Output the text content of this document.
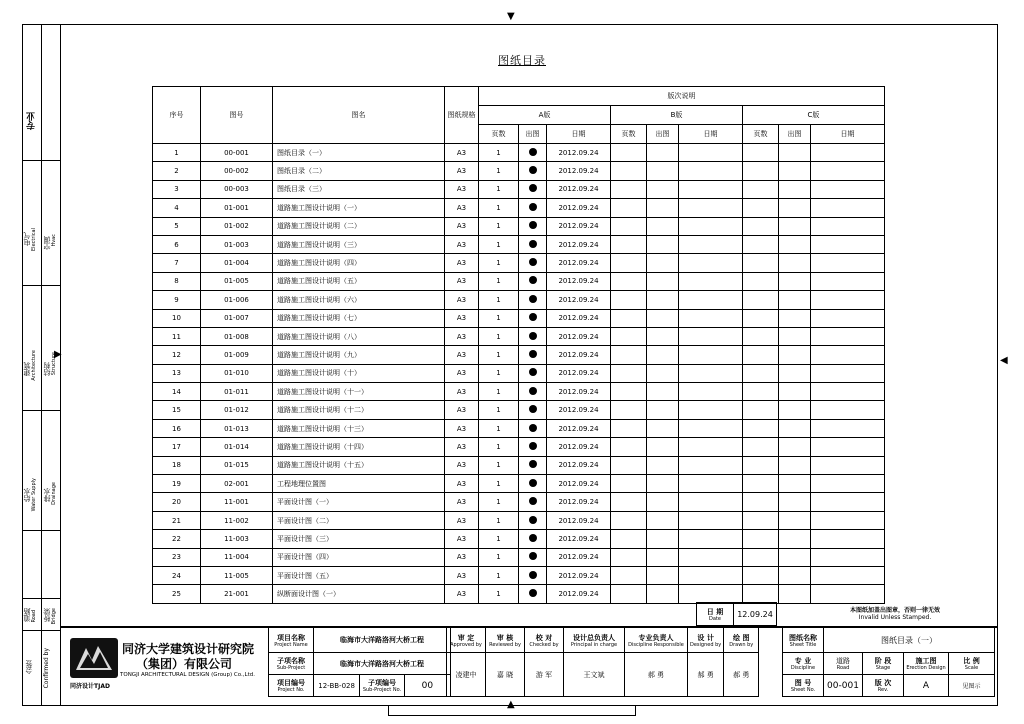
专业
电气 Electrical 空调 Hvac
建筑 Architecture 结构 Structure
给水 Water Supply 排水 Drainage
道路 Road 桥梁 Bridge
会签 Confirmed by
▼
▲
◀
▶
图纸目录
序号	图号	图名	图纸规格	版次说明								
				A版			B版			C版		
				页数	出图	日期	页数	出图	日期	页数	出图	日期
1	00-001	图纸目录（一）	A3	1		2012.09.24						
2	00-002	图纸目录（二）	A3	1		2012.09.24						
3	00-003	图纸目录（三）	A3	1		2012.09.24						
4	01-001	道路施工图设计说明（一）	A3	1		2012.09.24						
5	01-002	道路施工图设计说明（二）	A3	1		2012.09.24						
6	01-003	道路施工图设计说明（三）	A3	1		2012.09.24						
7	01-004	道路施工图设计说明（四）	A3	1		2012.09.24						
8	01-005	道路施工图设计说明（五）	A3	1		2012.09.24						
9	01-006	道路施工图设计说明（六）	A3	1		2012.09.24						
10	01-007	道路施工图设计说明（七）	A3	1		2012.09.24						
11	01-008	道路施工图设计说明（八）	A3	1		2012.09.24						
12	01-009	道路施工图设计说明（九）	A3	1		2012.09.24						
13	01-010	道路施工图设计说明（十）	A3	1		2012.09.24						
14	01-011	道路施工图设计说明（十一）	A3	1		2012.09.24						
15	01-012	道路施工图设计说明（十二）	A3	1		2012.09.24						
16	01-013	道路施工图设计说明（十三）	A3	1		2012.09.24						
17	01-014	道路施工图设计说明（十四）	A3	1		2012.09.24						
18	01-015	道路施工图设计说明（十五）	A3	1		2012.09.24						
19	02-001	工程地理位置图	A3	1		2012.09.24						
20	11-001	平面设计图（一）	A3	1		2012.09.24						
21	11-002	平面设计图（二）	A3	1		2012.09.24						
22	11-003	平面设计图（三）	A3	1		2012.09.24						
23	11-004	平面设计图（四）	A3	1		2012.09.24						
24	11-005	平面设计图（五）	A3	1		2012.09.24						
25	21-001	纵断面设计图（一）	A3	1		2012.09.24						
日 期
Date	12.09.24	本图纸加盖出图章，否则一律无效
Invalid Unless Stamped.
同济设计TJAD
同济大学建筑设计研究院
（集团）有限公司
TONGJI ARCHITECTURAL DESIGN (Group) Co.,Ltd.
项目名称
Project Name	临海市大洋路洛河大桥工程		
子项名称
Sub-Project	临海市大洋路洛河大桥工程		
项目编号
Project No.	12-BB-028	子项编号
Sub-Project No.	00
审 定
Approved by	审 核
Reviewed by	校 对
Checked by	设计总负责人
Principal in charge	专业负责人
Discipline Responsible	设 计
Designed by	绘 图
Drawn by

凌建中	嘉 晓	游 军	王文斌	郝 勇	郝 勇	郝 勇
图纸名称
Sheet Title	图纸目录（一）			
专 业
Discipline	道路
Road	阶 段
Stage	施工图
Erection Design	比 例
Scale

图 号
Sheet No.	00-001	版 次
Rev.	A	见图示
